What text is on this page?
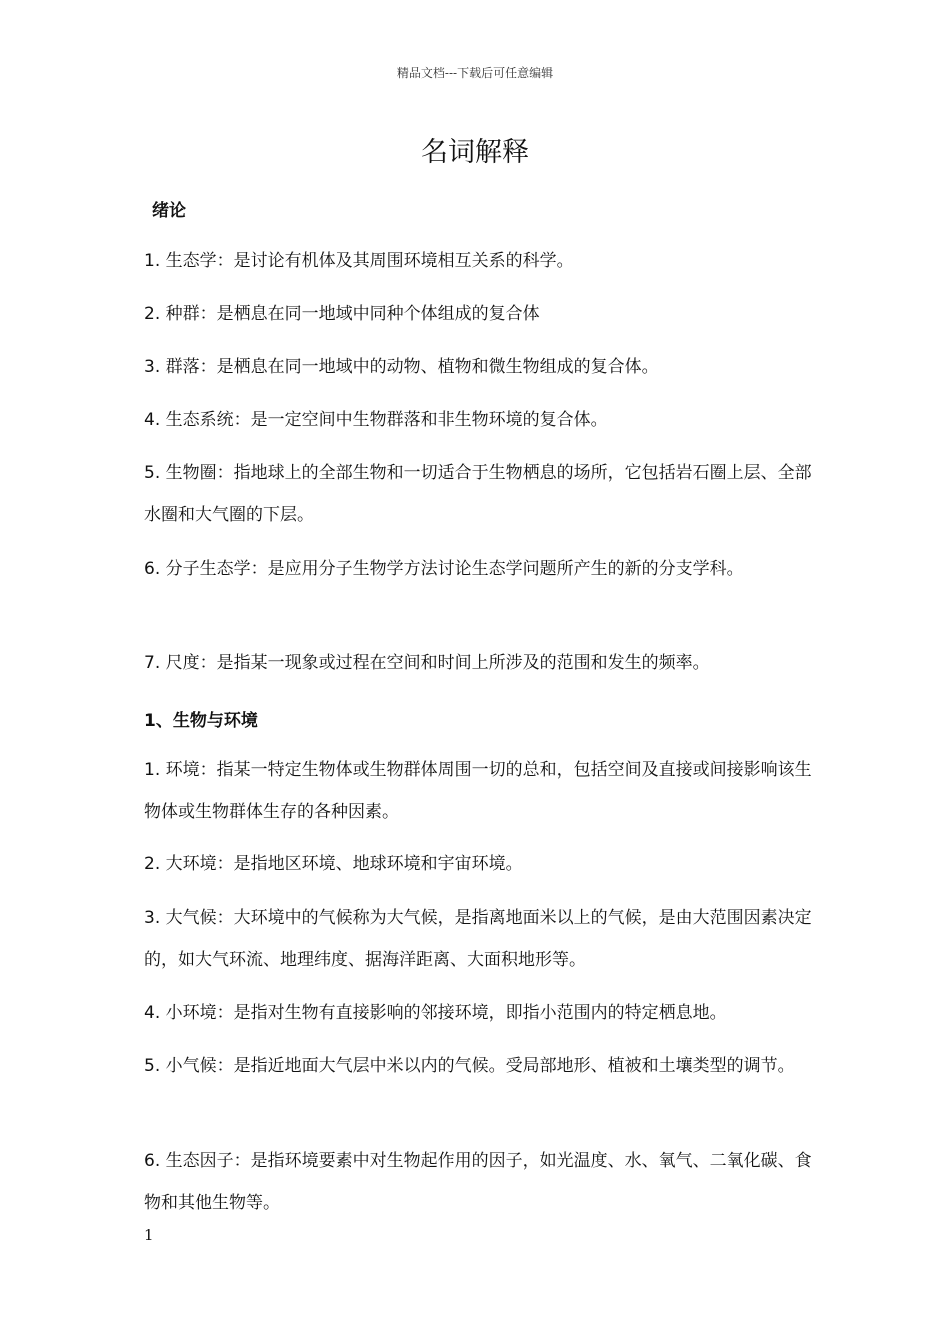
精品文档---下载后可任意编辑
名词解释
绪论
1. 生态学：是讨论有机体及其周围环境相互关系的科学。
2. 种群：是栖息在同一地域中同种个体组成的复合体
3. 群落：是栖息在同一地域中的动物、植物和微生物组成的复合体。
4. 生态系统：是一定空间中生物群落和非生物环境的复合体。
5. 生物圈：指地球上的全部生物和一切适合于生物栖息的场所，它包括岩石圈上层、全部水圈和大气圈的下层。
6. 分子生态学：是应用分子生物学方法讨论生态学问题所产生的新的分支学科。
7. 尺度：是指某一现象或过程在空间和时间上所涉及的范围和发生的频率。
1、生物与环境
1. 环境：指某一特定生物体或生物群体周围一切的总和，包括空间及直接或间接影响该生物体或生物群体生存的各种因素。
2. 大环境：是指地区环境、地球环境和宇宙环境。
3. 大气候：大环境中的气候称为大气候，是指离地面米以上的气候，是由大范围因素决定的，如大气环流、地理纬度、据海洋距离、大面积地形等。
4. 小环境：是指对生物有直接影响的邻接环境，即指小范围内的特定栖息地。
5. 小气候：是指近地面大气层中米以内的气候。受局部地形、植被和土壤类型的调节。
6. 生态因子：是指环境要素中对生物起作用的因子，如光温度、水、氧气、二氧化碳、食物和其他生物等。
1
